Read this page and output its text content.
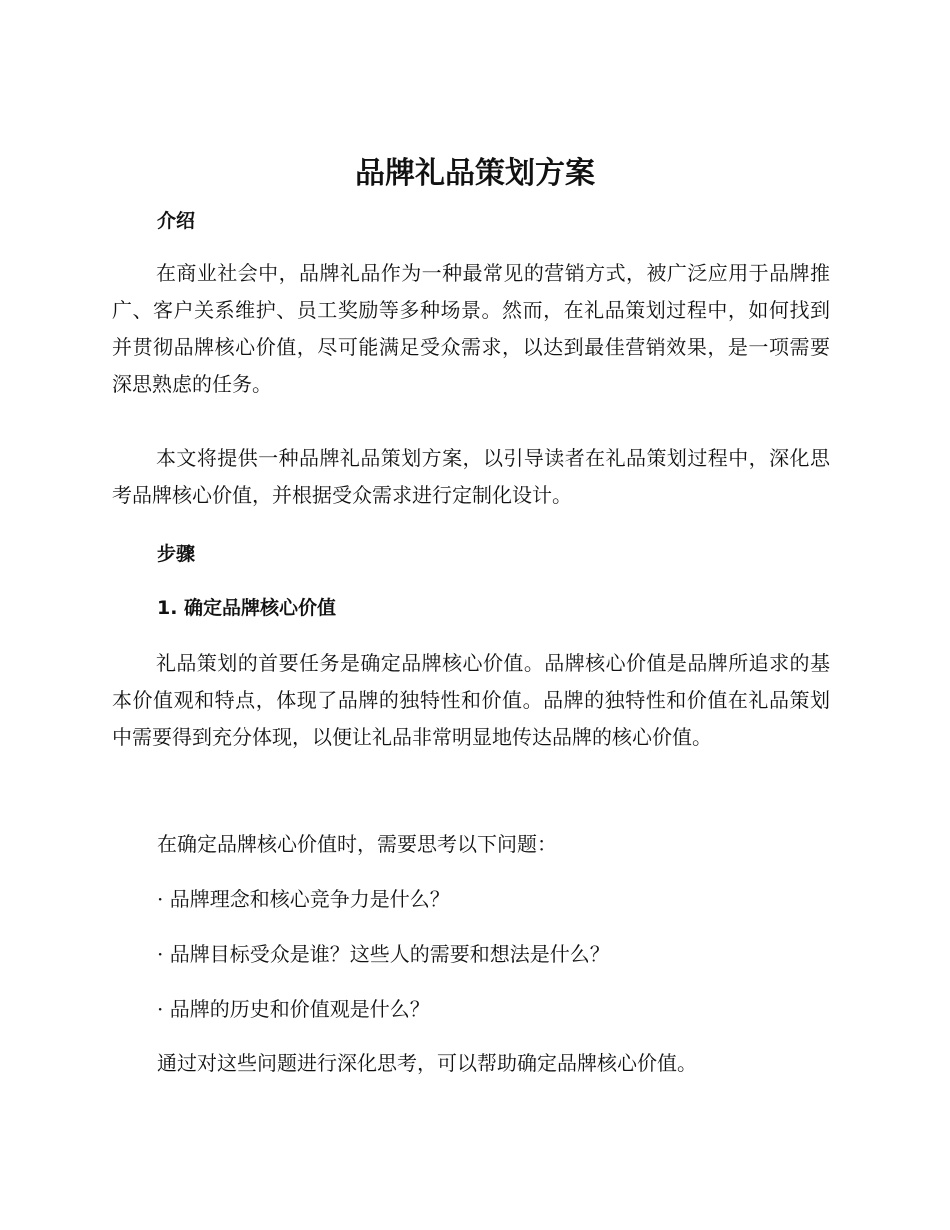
品牌礼品策划方案
介绍

在商业社会中，品牌礼品作为一种最常见的营销方式，被广泛应用于品牌推广、客户关系维护、员工奖励等多种场景。然而，在礼品策划过程中，如何找到并贯彻品牌核心价值，尽可能满足受众需求，以达到最佳营销效果，是一项需要深思熟虑的任务。

本文将提供一种品牌礼品策划方案，以引导读者在礼品策划过程中，深化思考品牌核心价值，并根据受众需求进行定制化设计。

步骤
1. 确定品牌核心价值

礼品策划的首要任务是确定品牌核心价值。品牌核心价值是品牌所追求的基本价值观和特点，体现了品牌的独特性和价值。品牌的独特性和价值在礼品策划中需要得到充分体现，以便让礼品非常明显地传达品牌的核心价值。

在确定品牌核心价值时，需要思考以下问题：

· 品牌理念和核心竞争力是什么？

· 品牌目标受众是谁？这些人的需要和想法是什么？

· 品牌的历史和价值观是什么？

通过对这些问题进行深化思考，可以帮助确定品牌核心价值。
